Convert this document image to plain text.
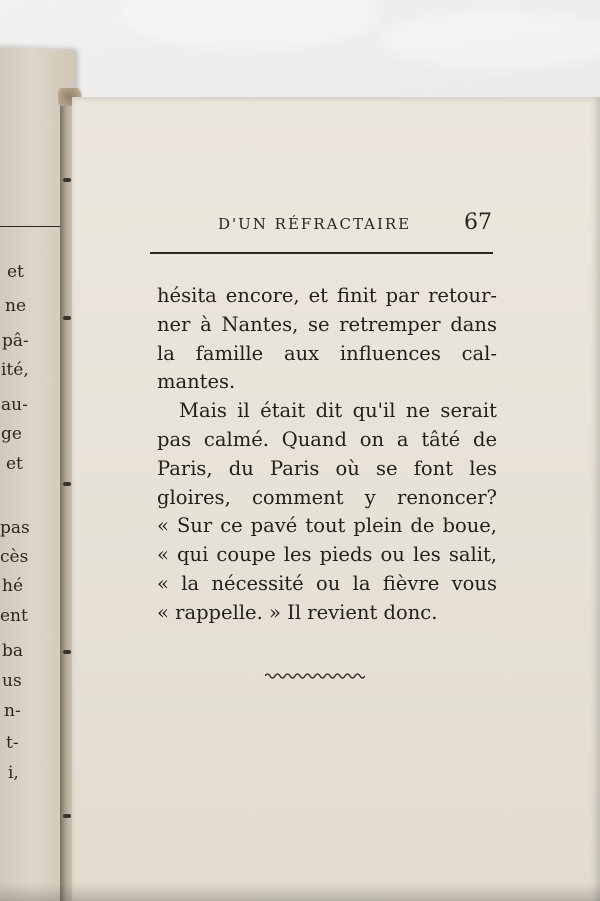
et
ne
pâ-
ité,
au-
ge
et
pas
cès
hé
ent
ba
us
n-
t-
i,
D'UN RÉFRACTAIRE 67
hésita encore, et finit par retour-
ner à Nantes, se retremper dans
la famille aux influences cal-
mantes.
Mais il était dit qu'il ne serait
pas calmé. Quand on a tâté de
Paris, du Paris où se font les
gloires, comment y renoncer?
« Sur ce pavé tout plein de boue,
« qui coupe les pieds ou les salit,
« la nécessité ou la fièvre vous
« rappelle. » Il revient donc.
